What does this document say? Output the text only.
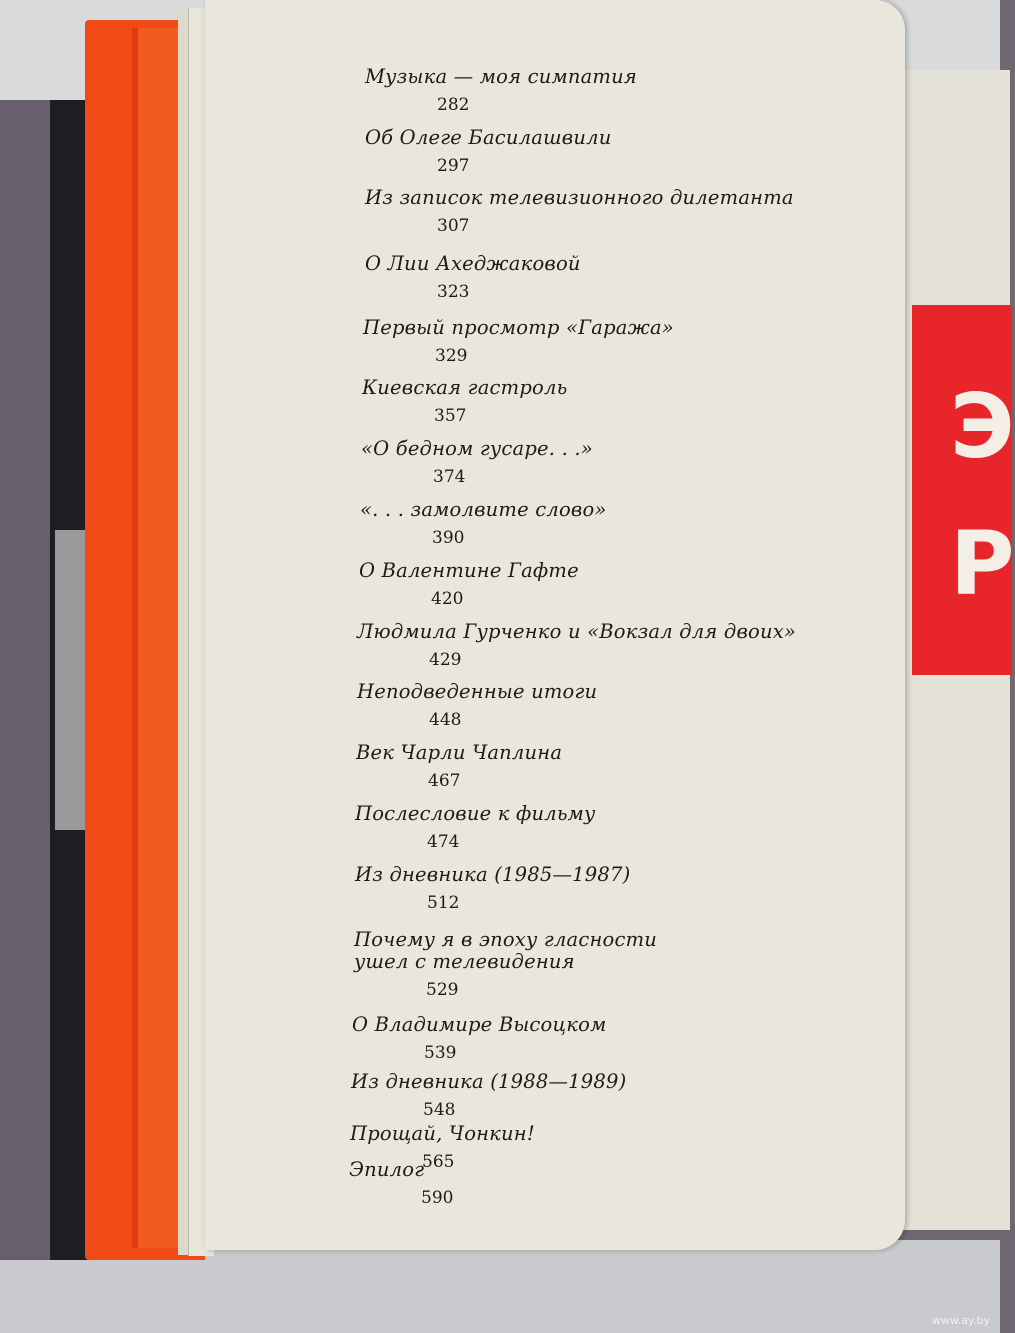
Э
Р
Музыка — моя симпатия
282
Об Олеге Басилашвили
297
Из записок телевизионного дилетанта
307
О Лии Ахеджаковой
323
Первый просмотр «Гаража»
329
Киевская гастроль
357
«О бедном гусаре. . .»
374
«. . . замолвите слово»
390
О Валентине Гафте
420
Людмила Гурченко и «Вокзал для двоих»
429
Неподведенные итоги
448
Век Чарли Чаплина
467
Послесловие к фильму
474
Из дневника (1985—1987)
512
Почему я в эпоху гласности
ушел с телевидения
529
О Владимире Высоцком
539
Из дневника (1988—1989)
548
Прощай, Чонкин!
565
Эпилог
590
www.ay.by
